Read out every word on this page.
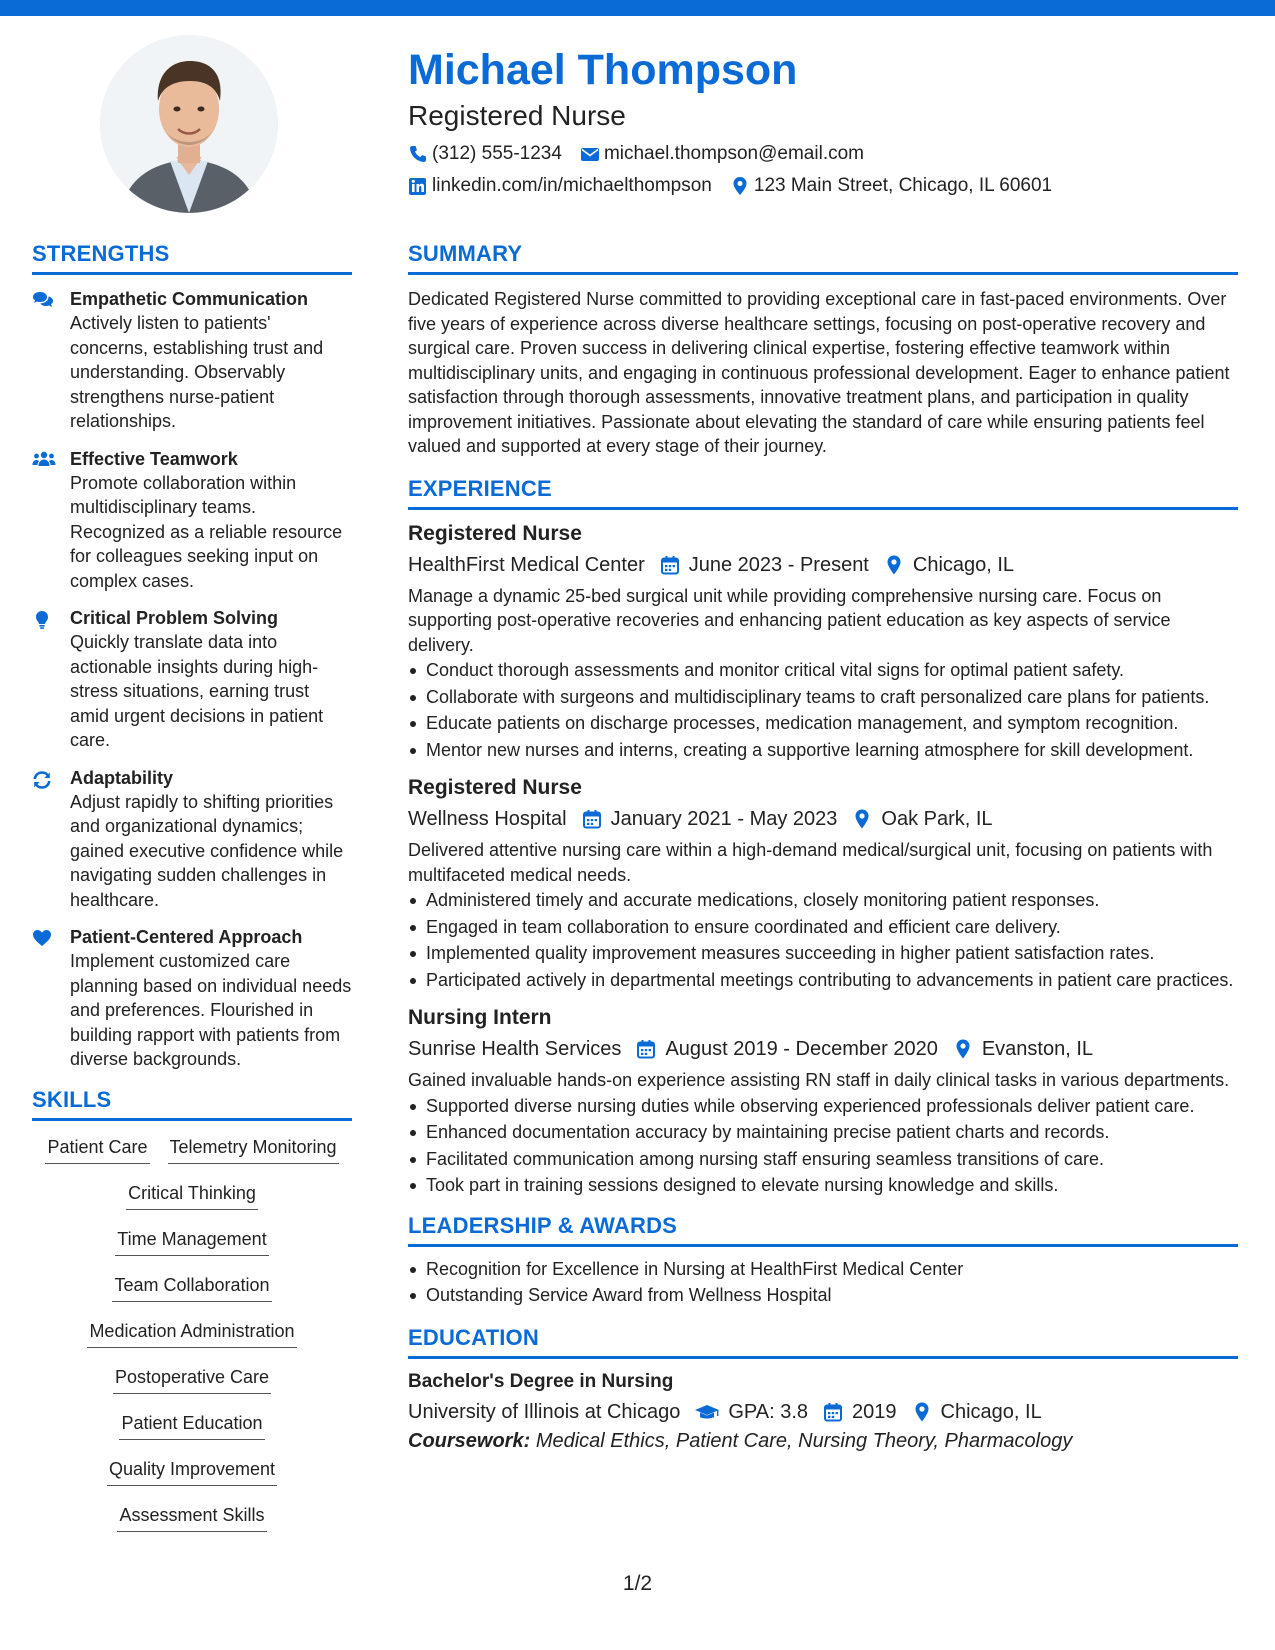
Michael Thompson
Registered Nurse
(312) 555-1234 michael.thompson@email.com
linkedin.com/in/michaelthompson 123 Main Street, Chicago, IL 60601
STRENGTHS
Empathetic Communication
Actively listen to patients' concerns, establishing trust and understanding. Observably strengthens nurse-patient relationships.
Effective Teamwork
Promote collaboration within multidisciplinary teams. Recognized as a reliable resource for colleagues seeking input on complex cases.
Critical Problem Solving
Quickly translate data into actionable insights during high-stress situations, earning trust amid urgent decisions in patient care.
Adaptability
Adjust rapidly to shifting priorities and organizational dynamics; gained executive confidence while navigating sudden challenges in healthcare.
Patient-Centered Approach
Implement customized care planning based on individual needs and preferences. Flourished in building rapport with patients from diverse backgrounds.
SKILLS
Patient Care Telemetry Monitoring
Critical Thinking
Time Management
Team Collaboration
Medication Administration
Postoperative Care
Patient Education
Quality Improvement
Assessment Skills
SUMMARY
Dedicated Registered Nurse committed to providing exceptional care in fast-paced environments. Over five years of experience across diverse healthcare settings, focusing on post-operative recovery and surgical care. Proven success in delivering clinical expertise, fostering effective teamwork within multidisciplinary units, and engaging in continuous professional development. Eager to enhance patient satisfaction through thorough assessments, innovative treatment plans, and participation in quality improvement initiatives. Passionate about elevating the standard of care while ensuring patients feel valued and supported at every stage of their journey.
EXPERIENCE
Registered Nurse
HealthFirst Medical Center June 2023 - Present Chicago, IL
Manage a dynamic 25-bed surgical unit while providing comprehensive nursing care. Focus on supporting post-operative recoveries and enhancing patient education as key aspects of service delivery.
Conduct thorough assessments and monitor critical vital signs for optimal patient safety.
Collaborate with surgeons and multidisciplinary teams to craft personalized care plans for patients.
Educate patients on discharge processes, medication management, and symptom recognition.
Mentor new nurses and interns, creating a supportive learning atmosphere for skill development.
Registered Nurse
Wellness Hospital January 2021 - May 2023 Oak Park, IL
Delivered attentive nursing care within a high-demand medical/surgical unit, focusing on patients with multifaceted medical needs.
Administered timely and accurate medications, closely monitoring patient responses.
Engaged in team collaboration to ensure coordinated and efficient care delivery.
Implemented quality improvement measures succeeding in higher patient satisfaction rates.
Participated actively in departmental meetings contributing to advancements in patient care practices.
Nursing Intern
Sunrise Health Services August 2019 - December 2020 Evanston, IL
Gained invaluable hands-on experience assisting RN staff in daily clinical tasks in various departments.
Supported diverse nursing duties while observing experienced professionals deliver patient care.
Enhanced documentation accuracy by maintaining precise patient charts and records.
Facilitated communication among nursing staff ensuring seamless transitions of care.
Took part in training sessions designed to elevate nursing knowledge and skills.
LEADERSHIP & AWARDS
Recognition for Excellence in Nursing at HealthFirst Medical Center
Outstanding Service Award from Wellness Hospital
EDUCATION
Bachelor's Degree in Nursing
University of Illinois at Chicago GPA: 3.8 2019 Chicago, IL
Coursework: Medical Ethics, Patient Care, Nursing Theory, Pharmacology
1/2
